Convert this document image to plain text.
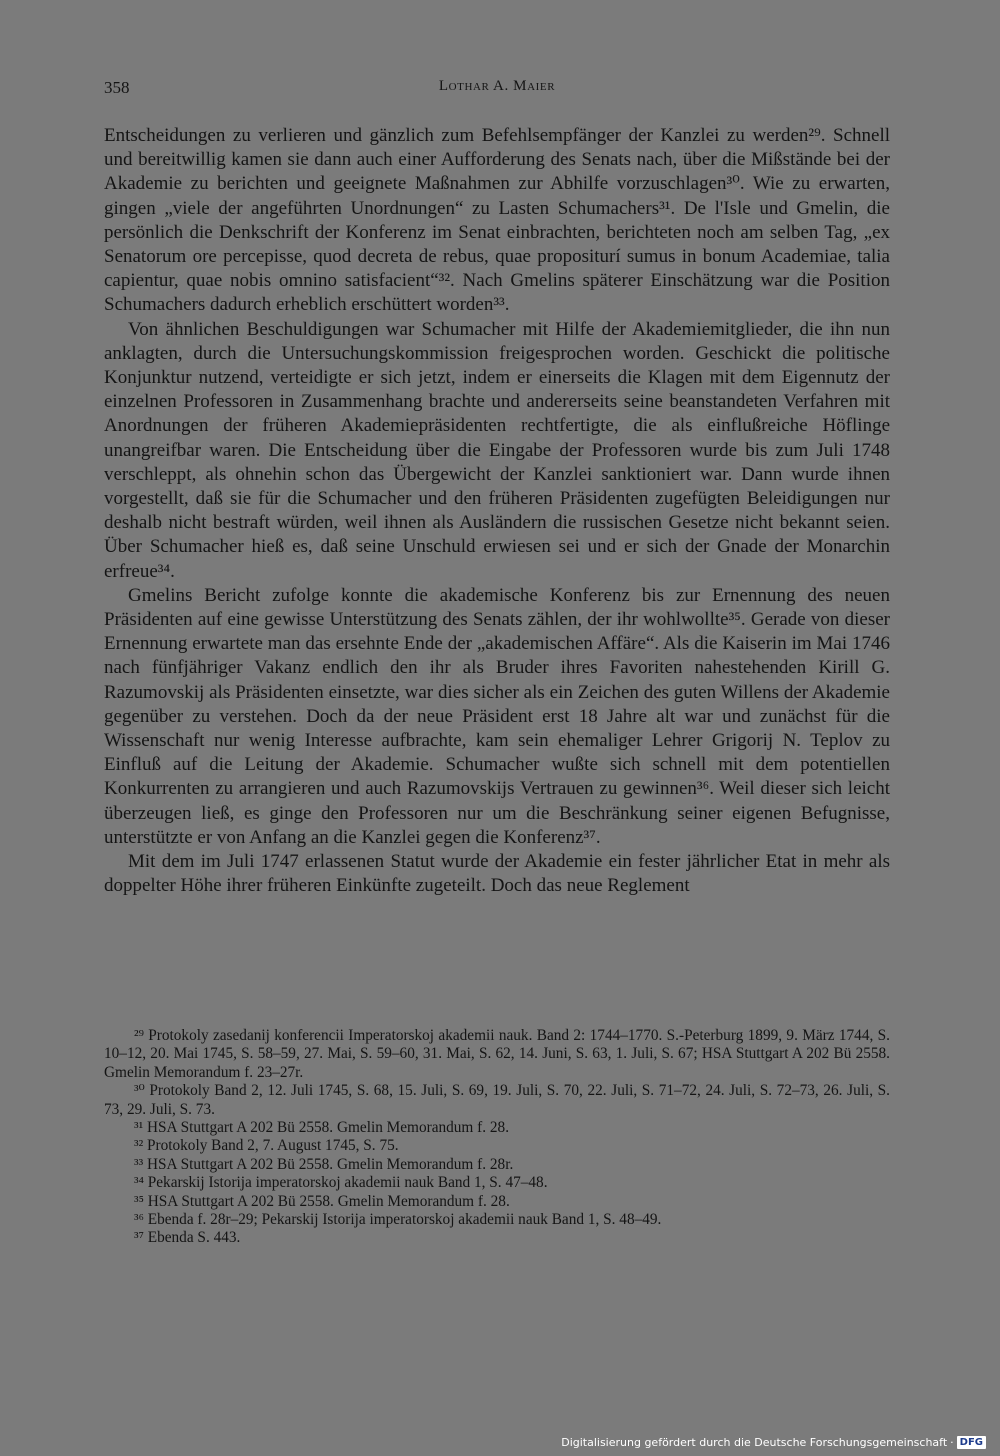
358	Lothar A. Maier

Entscheidungen zu verlieren und gänzlich zum Befehlsempfänger der Kanzlei zu werden²⁹. Schnell und bereitwillig kamen sie dann auch einer Aufforderung des Senats nach, über die Mißstände bei der Akademie zu berichten und geeignete Maßnahmen zur Abhilfe vorzuschlagen³⁰. Wie zu erwarten, gingen „viele der angeführten Unordnungen“ zu Lasten Schumachers³¹. De l'Isle und Gmelin, die persönlich die Denkschrift der Konferenz im Senat einbrachten, berichteten noch am selben Tag, „ex Senatorum ore percepisse, quod decreta de rebus, quae propositurí sumus in bonum Academiae, talia capientur, quae nobis omnino satisfacient“³². Nach Gmelins späterer Einschätzung war die Position Schumachers dadurch erheblich erschüttert worden³³.

Von ähnlichen Beschuldigungen war Schumacher mit Hilfe der Akademiemitglieder, die ihn nun anklagten, durch die Untersuchungskommission freigesprochen worden. Geschickt die politische Konjunktur nutzend, verteidigte er sich jetzt, indem er einerseits die Klagen mit dem Eigennutz der einzelnen Professoren in Zusammenhang brachte und andererseits seine beanstandeten Verfahren mit Anordnungen der früheren Akademiepräsidenten rechtfertigte, die als einflußreiche Höflinge unangreifbar waren. Die Entscheidung über die Eingabe der Professoren wurde bis zum Juli 1748 verschleppt, als ohnehin schon das Übergewicht der Kanzlei sanktioniert war. Dann wurde ihnen vorgestellt, daß sie für die Schumacher und den früheren Präsidenten zugefügten Beleidigungen nur deshalb nicht bestraft würden, weil ihnen als Ausländern die russischen Gesetze nicht bekannt seien. Über Schumacher hieß es, daß seine Unschuld erwiesen sei und er sich der Gnade der Monarchin erfreue³⁴.

Gmelins Bericht zufolge konnte die akademische Konferenz bis zur Ernennung des neuen Präsidenten auf eine gewisse Unterstützung des Senats zählen, der ihr wohlwollte³⁵. Gerade von dieser Ernennung erwartete man das ersehnte Ende der „akademischen Affäre“. Als die Kaiserin im Mai 1746 nach fünfjähriger Vakanz endlich den ihr als Bruder ihres Favoriten nahestehenden Kirill G. Razumovskij als Präsidenten einsetzte, war dies sicher als ein Zeichen des guten Willens der Akademie gegenüber zu verstehen. Doch da der neue Präsident erst 18 Jahre alt war und zunächst für die Wissenschaft nur wenig Interesse aufbrachte, kam sein ehemaliger Lehrer Grigorij N. Teplov zu Einfluß auf die Leitung der Akademie. Schumacher wußte sich schnell mit dem potentiellen Konkurrenten zu arrangieren und auch Razumovskijs Vertrauen zu gewinnen³⁶. Weil dieser sich leicht überzeugen ließ, es ginge den Professoren nur um die Beschränkung seiner eigenen Befugnisse, unterstützte er von Anfang an die Kanzlei gegen die Konferenz³⁷.

Mit dem im Juli 1747 erlassenen Statut wurde der Akademie ein fester jährlicher Etat in mehr als doppelter Höhe ihrer früheren Einkünfte zugeteilt. Doch das neue Reglement

²⁹ Protokoly zasedanij konferencii Imperatorskoj akademii nauk. Band 2: 1744–1770. S.-Peterburg 1899, 9. März 1744, S. 10–12, 20. Mai 1745, S. 58–59, 27. Mai, S. 59–60, 31. Mai, S. 62, 14. Juni, S. 63, 1. Juli, S. 67; HSA Stuttgart A 202 Bü 2558. Gmelin Memorandum f. 23–27r.

³⁰ Protokoly Band 2, 12. Juli 1745, S. 68, 15. Juli, S. 69, 19. Juli, S. 70, 22. Juli, S. 71–72, 24. Juli, S. 72–73, 26. Juli, S. 73, 29. Juli, S. 73.

³¹ HSA Stuttgart A 202 Bü 2558. Gmelin Memorandum f. 28.

³² Protokoly Band 2, 7. August 1745, S. 75.

³³ HSA Stuttgart A 202 Bü 2558. Gmelin Memorandum f. 28r.

³⁴ Pekarskij Istorija imperatorskoj akademii nauk Band 1, S. 47–48.

³⁵ HSA Stuttgart A 202 Bü 2558. Gmelin Memorandum f. 28.

³⁶ Ebenda f. 28r–29; Pekarskij Istorija imperatorskoj akademii nauk Band 1, S. 48–49.

³⁷ Ebenda S. 443.

Digitalisierung gefördert durch die Deutsche Forschungsgemeinschaft · DFG
